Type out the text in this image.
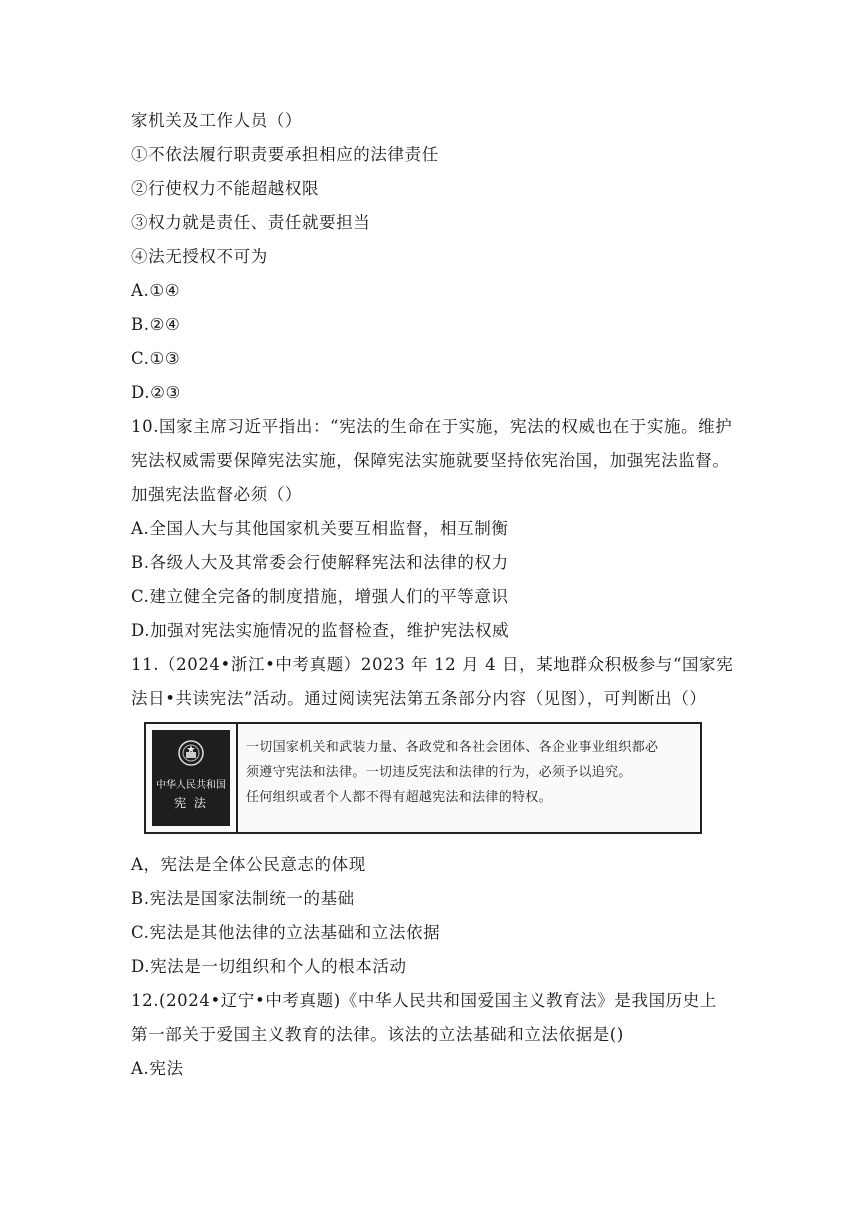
家机关及工作人员（）
①不依法履行职责要承担相应的法律责任
②行使权力不能超越权限
③权力就是责任、责任就要担当
④法无授权不可为
A.①④
B.②④
C.①③
D.②③
10.国家主席习近平指出：“宪法的生命在于实施，宪法的权威也在于实施。维护
宪法权威需要保障宪法实施，保障宪法实施就要坚持依宪治国，加强宪法监督。
加强宪法监督必须（）
A.全国人大与其他国家机关要互相监督，相互制衡
B.各级人大及其常委会行使解释宪法和法律的权力
C.建立健全完备的制度措施，增强人们的平等意识
D.加强对宪法实施情况的监督检查，维护宪法权威
11.（2024•浙江•中考真题）2023 年 12 月 4 日，某地群众积极参与“国家宪
法日•共读宪法”活动。通过阅读宪法第五条部分内容（见图），可判断出（）
中华人民共和国
宪 法
一切国家机关和武装力量、各政党和各社会团体、各企业事业组织都必
须遵守宪法和法律。一切违反宪法和法律的行为，必须予以追究。
任何组织或者个人都不得有超越宪法和法律的特权。
A，宪法是全体公民意志的体现
B.宪法是国家法制统一的基础
C.宪法是其他法律的立法基础和立法依据
D.宪法是一切组织和个人的根本活动
12.(2024•辽宁•中考真题)《中华人民共和国爱国主义教育法》是我国历史上
第一部关于爱国主义教育的法律。该法的立法基础和立法依据是()
A.宪法
